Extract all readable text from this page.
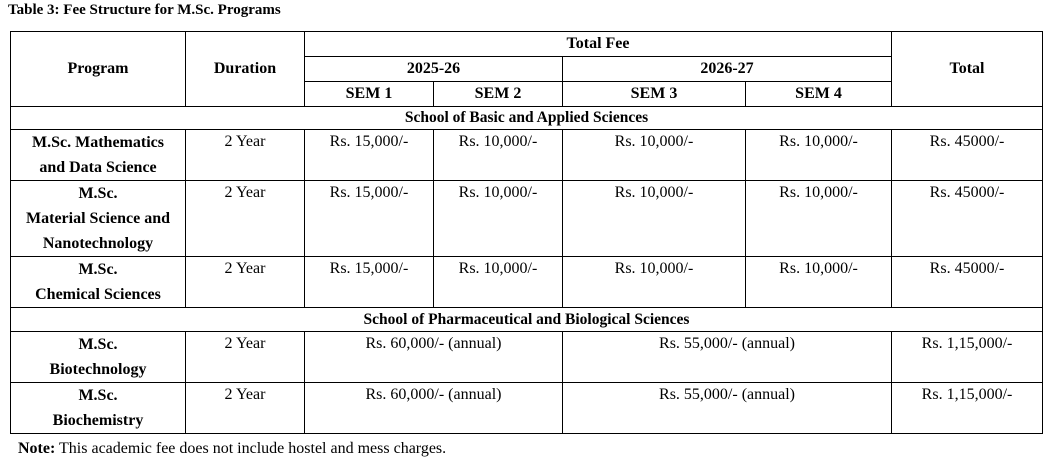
Table 3: Fee Structure for M.Sc. Programs
Program	Duration	Total Fee				Total
		2025-26		2026-27		
		SEM 1	SEM 2	SEM 3	SEM 4	
School of Basic and Applied Sciences						
M.Sc. Mathematics
and Data Science	2 Year	Rs. 15,000/-	Rs. 10,000/-	Rs. 10,000/-	Rs. 10,000/-	Rs. 45000/-
M.Sc.
Material Science and
Nanotechnology	2 Year	Rs. 15,000/-	Rs. 10,000/-	Rs. 10,000/-	Rs. 10,000/-	Rs. 45000/-
M.Sc.
Chemical Sciences	2 Year	Rs. 15,000/-	Rs. 10,000/-	Rs. 10,000/-	Rs. 10,000/-	Rs. 45000/-
School of Pharmaceutical and Biological Sciences						
M.Sc.
Biotechnology	2 Year	Rs. 60,000/- (annual)		Rs. 55,000/- (annual)		Rs. 1,15,000/-
M.Sc.
Biochemistry	2 Year	Rs. 60,000/- (annual)		Rs. 55,000/- (annual)		Rs. 1,15,000/-
Note: This academic fee does not include hostel and mess charges.
